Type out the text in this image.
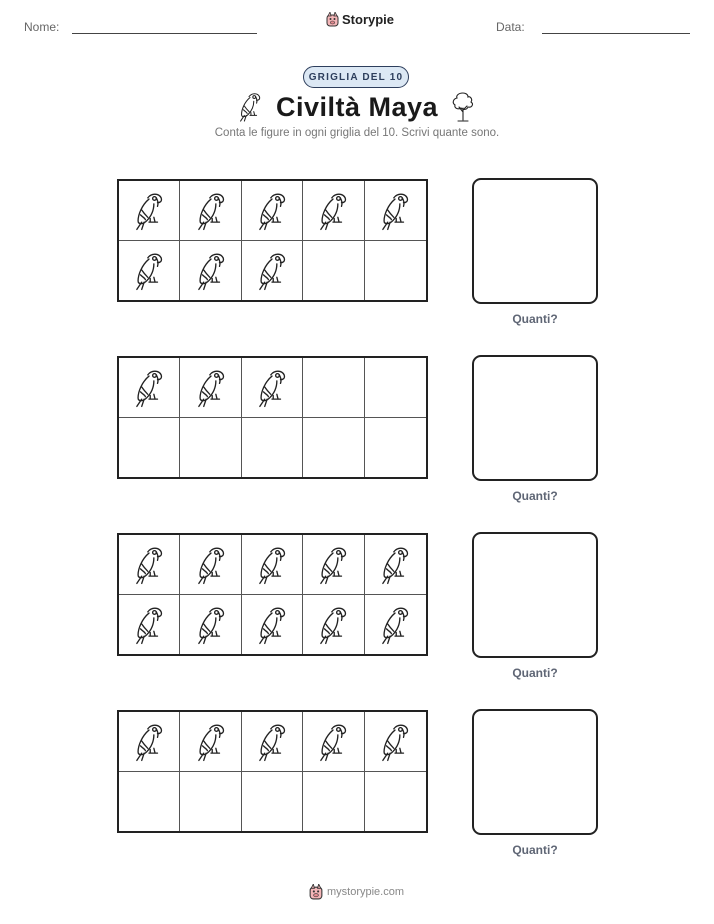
Nome:	Storypie	Data:
GRIGLIA DEL 10
Civiltà Maya
Conta le figure in ogni griglia del 10. Scrivi quante sono.
Quanti?
Quanti?
Quanti?
Quanti?
mystorypie.com
